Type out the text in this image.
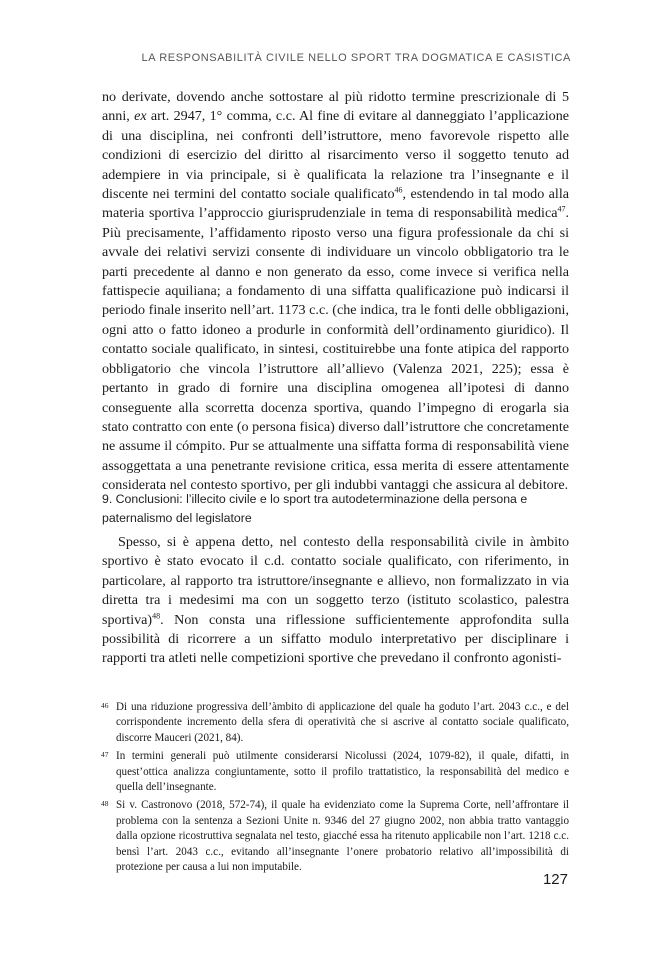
LA RESPONSABILITÀ CIVILE NELLO SPORT TRA DOGMATICA E CASISTICA
no derivate, dovendo anche sottostare al più ridotto termine prescrizionale di 5 anni, ex art. 2947, 1° comma, c.c. Al fine di evitare al danneggiato l’applicazione di una disciplina, nei confronti dell’istruttore, meno favorevole rispetto alle condizioni di esercizio del diritto al risarcimento verso il soggetto tenuto ad adempiere in via principale, si è qualificata la relazione tra l’insegnante e il discente nei termini del contatto sociale qualificato$^{46}$, estendendo in tal modo alla materia sportiva l’approccio giurisprudenziale in tema di responsabilità medica$^{47}$. Più precisamente, l’affidamento riposto verso una figura professionale da chi si avvale dei relativi servizi consente di individuare un vincolo obbligatorio tra le parti precedente al danno e non generato da esso, come invece si verifica nella fattispecie aquiliana; a fondamento di una siffatta qualificazione può indicarsi il periodo finale inserito nell’art. 1173 c.c. (che indica, tra le fonti delle obbligazioni, ogni atto o fatto idoneo a produrle in conformità dell’ordinamento giuridico). Il contatto sociale qualificato, in sintesi, costituirebbe una fonte atipica del rapporto obbligatorio che vincola l’istruttore all’allievo (Valenza 2021, 225); essa è pertanto in grado di fornire una disciplina omogenea all’ipotesi di danno conseguente alla scorretta docenza sportiva, quando l’impegno di erogarla sia stato contratto con ente (o persona fisica) diverso dall’istruttore che concretamente ne assume il cómpito. Pur se attualmente una siffatta forma di responsabilità viene assoggettata a una penetrante revisione critica, essa merita di essere attentamente considerata nel contesto sportivo, per gli indubbi vantaggi che assicura al debitore.
9. Conclusioni: l’illecito civile e lo sport tra autodeterminazione della persona e paternalismo del legislatore
Spesso, si è appena detto, nel contesto della responsabilità civile in àmbito sportivo è stato evocato il c.d. contatto sociale qualificato, con riferimento, in particolare, al rapporto tra istruttore/insegnante e allievo, non formalizzato in via diretta tra i medesimi ma con un soggetto terzo (istituto scolastico, palestra sportiva)$^{48}$. Non consta una riflessione sufficientemente approfondita sulla possibilità di ricorrere a un siffatto modulo interpretativo per disciplinare i rapporti tra atleti nelle competizioni sportive che prevedano il confronto agonisti-
46 Di una riduzione progressiva dell’àmbito di applicazione del quale ha goduto l’art. 2043 c.c., e del corrispondente incremento della sfera di operatività che si ascrive al contatto sociale qualificato, discorre Mauceri (2021, 84).
47 In termini generali può utilmente considerarsi Nicolussi (2024, 1079-82), il quale, difatti, in quest’ottica analizza congiuntamente, sotto il profilo trattatistico, la responsabilità del medico e quella dell’insegnante.
48 Si v. Castronovo (2018, 572-74), il quale ha evidenziato come la Suprema Corte, nell’affrontare il problema con la sentenza a Sezioni Unite n. 9346 del 27 giugno 2002, non abbia tratto vantaggio dalla opzione ricostruttiva segnalata nel testo, giacché essa ha ritenuto applicabile non l’art. 1218 c.c. bensì l’art. 2043 c.c., evitando all’insegnante l’onere probatorio relativo all’impossibilità di protezione per causa a lui non imputabile.
127
